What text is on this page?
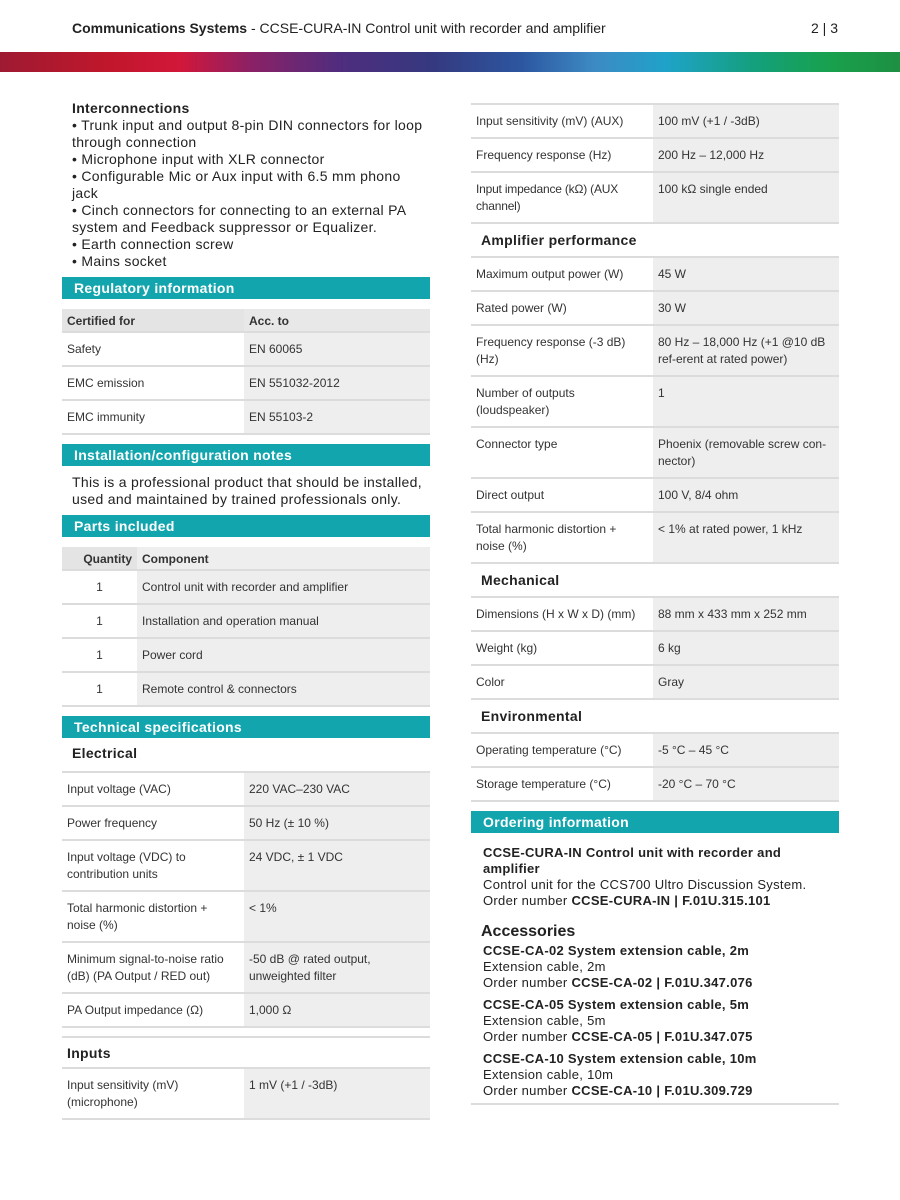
Communications Systems - CCSE-CURA-IN Control unit with recorder and amplifier	2 | 3
Interconnections
• Trunk input and output 8-pin DIN connectors for loop through connection
• Microphone input with XLR connector
• Configurable Mic or Aux input with 6.5 mm phono jack
• Cinch connectors for connecting to an external PA system and Feedback suppressor or Equalizer.
• Earth connection screw
• Mains socket
Regulatory information
Certified for	Acc. to
Safety	EN 60065
EMC emission	EN 551032-2012
EMC immunity	EN 55103-2
Installation/configuration notes
This is a professional product that should be installed, used and maintained by trained professionals only.
Parts included
Quantity	Component
1	Control unit with recorder and amplifier
1	Installation and operation manual
1	Power cord
1	Remote control & connectors
Technical specifications
Electrical
Input voltage (VAC)	220 VAC–230 VAC
Power frequency	50 Hz (± 10 %)
Input voltage (VDC) to contribution units	24 VDC, ± 1 VDC
Total harmonic distortion + noise (%)	< 1%
Minimum signal-to-noise ratio (dB) (PA Output / RED out)	-50 dB @ rated output, unweighted filter
PA Output impedance (Ω)	1,000 Ω
Inputs
Input sensitivity (mV) (microphone)	1 mV (+1 / -3dB)
Input sensitivity (mV) (AUX)	100 mV (+1 / -3dB)
Frequency response (Hz)	200 Hz – 12,000 Hz
Input impedance (kΩ) (AUX channel)	100 kΩ single ended
Amplifier performance
Maximum output power (W)	45 W
Rated power (W)	30 W
Frequency response (-3 dB) (Hz)	80 Hz – 18,000 Hz (+1 @10 dB ref-erent at rated power)
Number of outputs (loudspeaker)	1
Connector type	Phoenix (removable screw con-nector)
Direct output	100 V, 8/4 ohm
Total harmonic distortion + noise (%)	< 1% at rated power, 1 kHz
Mechanical
Dimensions (H x W x D) (mm)	88 mm x 433 mm x 252 mm
Weight (kg)	6 kg
Color	Gray
Environmental
Operating temperature (°C)	-5 °C – 45 °C
Storage temperature (°C)	-20 °C – 70 °C
Ordering information
CCSE-CURA-IN Control unit with recorder and amplifier
Control unit for the CCS700 Ultro Discussion System.
Order number CCSE-CURA-IN | F.01U.315.101
Accessories
CCSE-CA-02 System extension cable, 2m
Extension cable, 2m
Order number CCSE-CA-02 | F.01U.347.076
CCSE-CA-05 System extension cable, 5m
Extension cable, 5m
Order number CCSE-CA-05 | F.01U.347.075
CCSE-CA-10 System extension cable, 10m
Extension cable, 10m
Order number CCSE-CA-10 | F.01U.309.729
